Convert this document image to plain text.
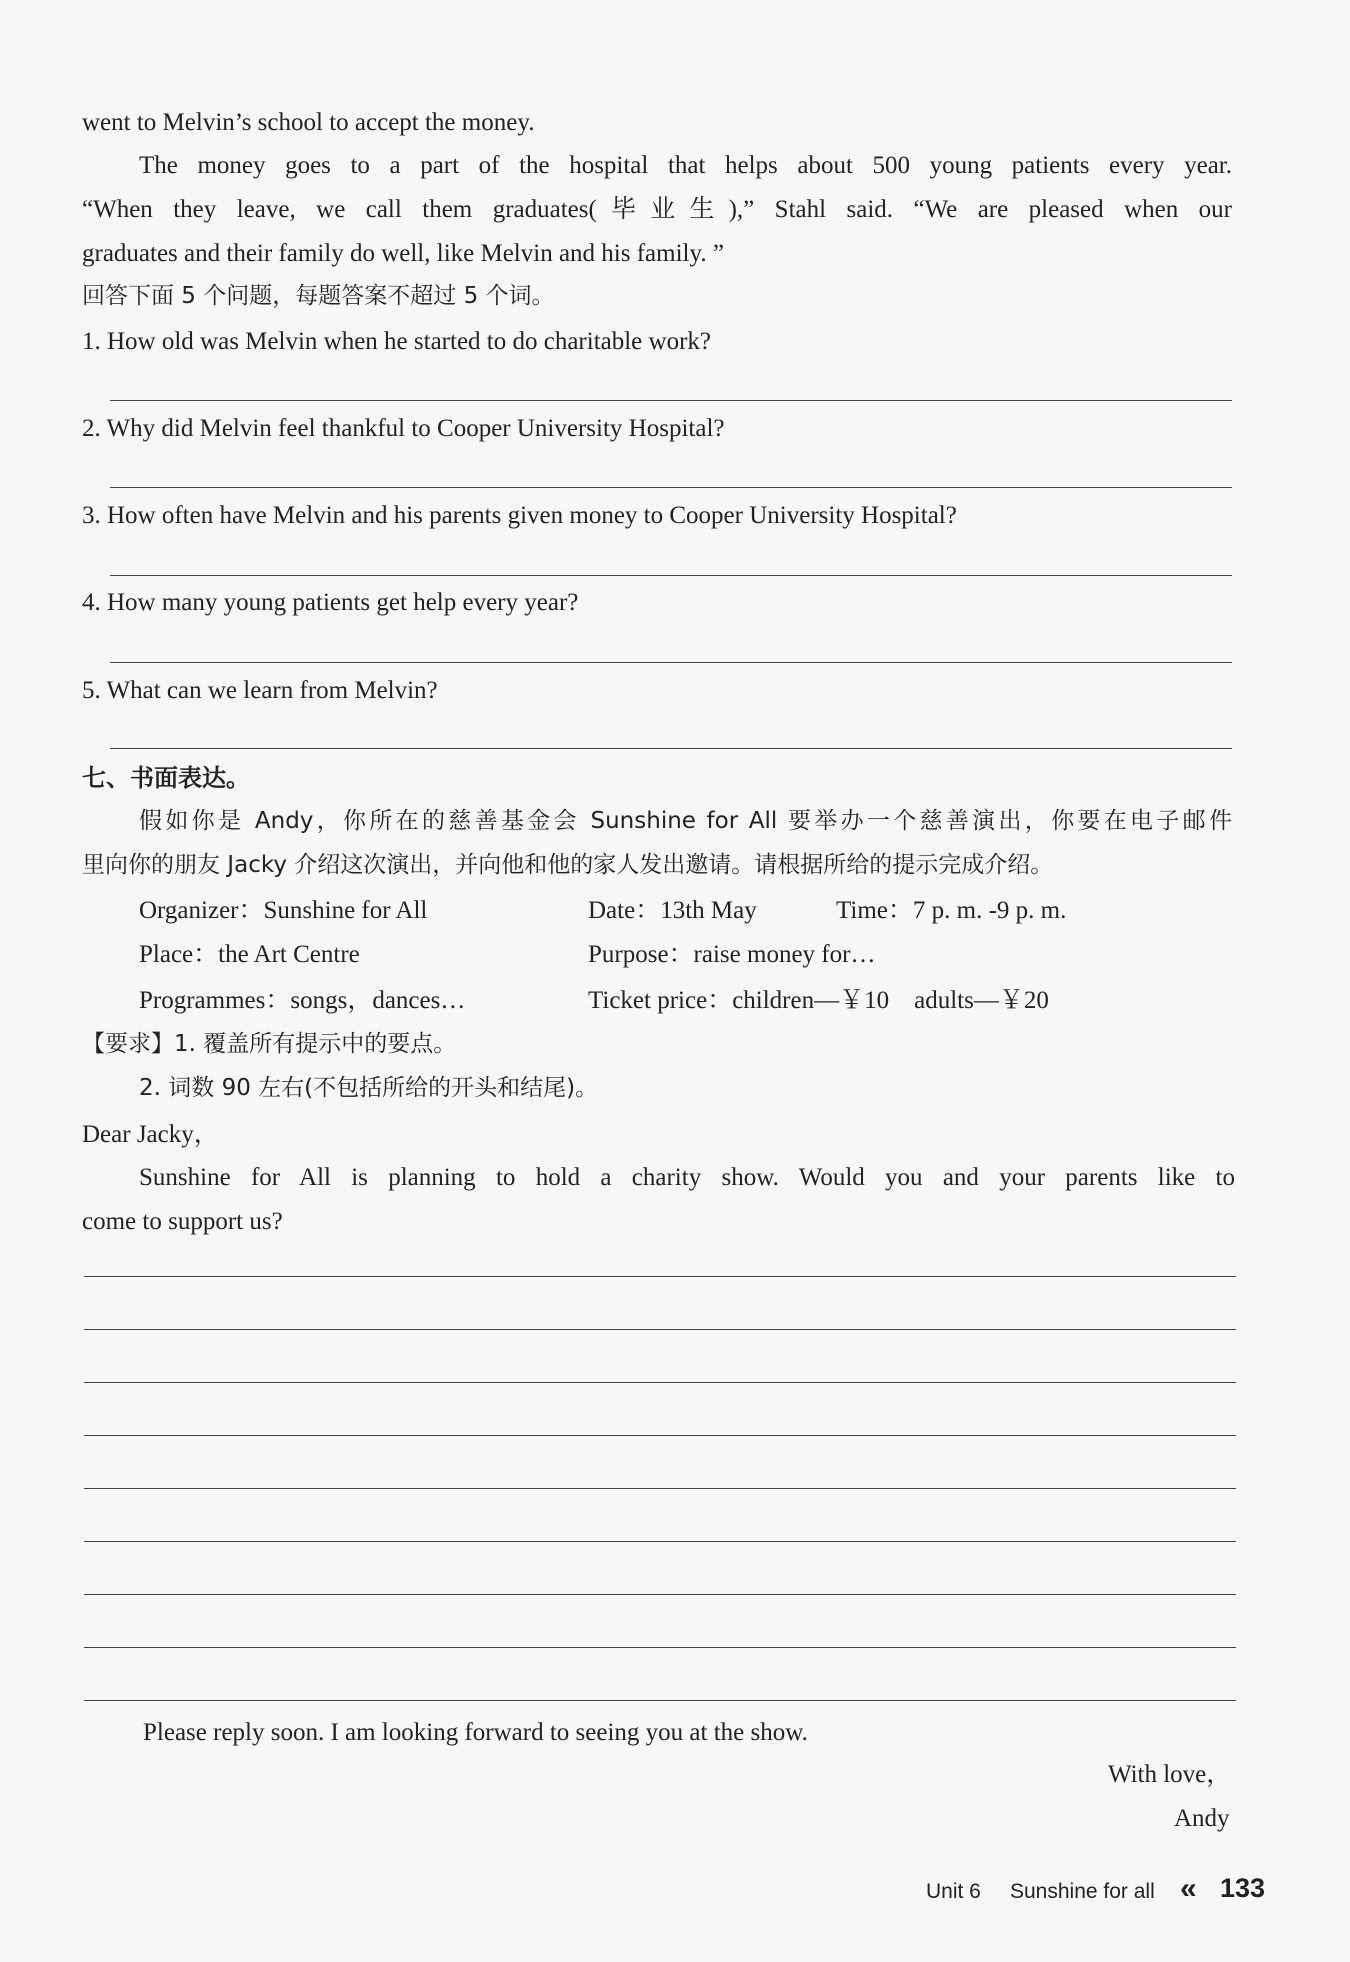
went to Melvin’s school to accept the money.
The money goes to a part of the hospital that helps about 500 young patients every year.
“When they leave, we call them graduates(毕业生),” Stahl said. “We are pleased when our
graduates and their family do well, like Melvin and his family. ”
回答下面 5 个问题，每题答案不超过 5 个词。
1. How old was Melvin when he started to do charitable work?
2. Why did Melvin feel thankful to Cooper University Hospital?
3. How often have Melvin and his parents given money to Cooper University Hospital?
4. How many young patients get help every year?
5. What can we learn from Melvin?
七、书面表达。
假如你是 Andy，你所在的慈善基金会 Sunshine for All 要举办一个慈善演出，你要在电子邮件
里向你的朋友 Jacky 介绍这次演出，并向他和他的家人发出邀请。请根据所给的提示完成介绍。
Organizer：Sunshine for All	Date：13th May	Time：7 p. m. -9 p. m.
Place：the Art Centre	Purpose：raise money for…
Programmes：songs，dances…	Ticket price：children—￥10    adults—￥20
【要求】1. 覆盖所有提示中的要点。
2. 词数 90 左右(不包括所给的开头和结尾)。
Dear Jacky，
Sunshine for All is planning to hold a charity show. Would you and your parents like to
come to support us?
Please reply soon. I am looking forward to seeing you at the show.
With love，
Andy
Unit 6 Sunshine for all « 133
